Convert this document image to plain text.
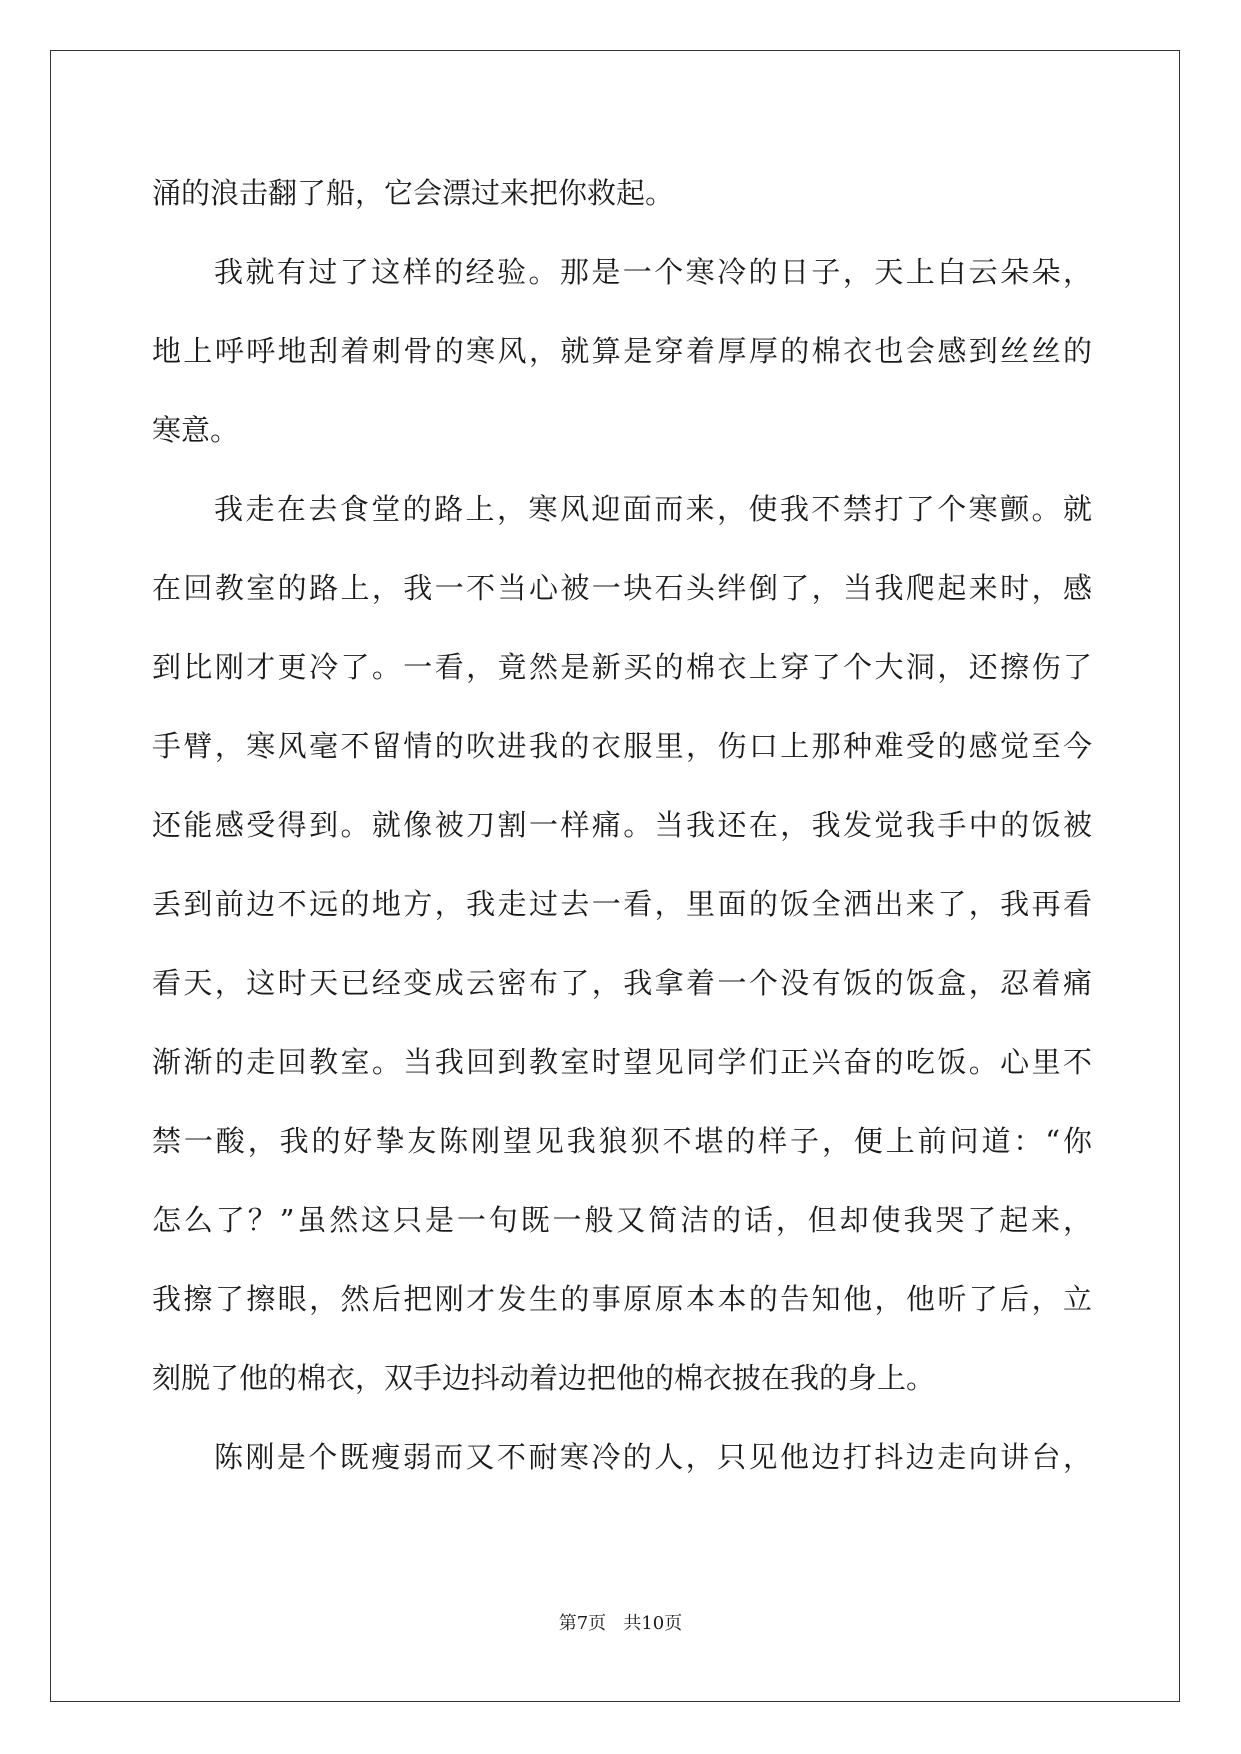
涌的浪击翻了船，它会漂过来把你救起。
我就有过了这样的经验。那是一个寒冷的日子，天上白云朵朵，
地上呼呼地刮着刺骨的寒风，就算是穿着厚厚的棉衣也会感到丝丝的
寒意。
我走在去食堂的路上，寒风迎面而来，使我不禁打了个寒颤。就
在回教室的路上，我一不当心被一块石头绊倒了，当我爬起来时，感
到比刚才更冷了。一看，竟然是新买的棉衣上穿了个大洞，还擦伤了
手臂，寒风毫不留情的吹进我的衣服里，伤口上那种难受的感觉至今
还能感受得到。就像被刀割一样痛。当我还在，我发觉我手中的饭被
丢到前边不远的地方，我走过去一看，里面的饭全洒出来了，我再看
看天，这时天已经变成云密布了，我拿着一个没有饭的饭盒，忍着痛
渐渐的走回教室。当我回到教室时望见同学们正兴奋的吃饭。心里不
禁一酸，我的好挚友陈刚望见我狼狈不堪的样子，便上前问道：“你
怎么了？”虽然这只是一句既一般又简洁的话，但却使我哭了起来，
我擦了擦眼，然后把刚才发生的事原原本本的告知他，他听了后，立
刻脱了他的棉衣，双手边抖动着边把他的棉衣披在我的身上。
陈刚是个既瘦弱而又不耐寒冷的人，只见他边打抖边走向讲台，
第7页 共10页
